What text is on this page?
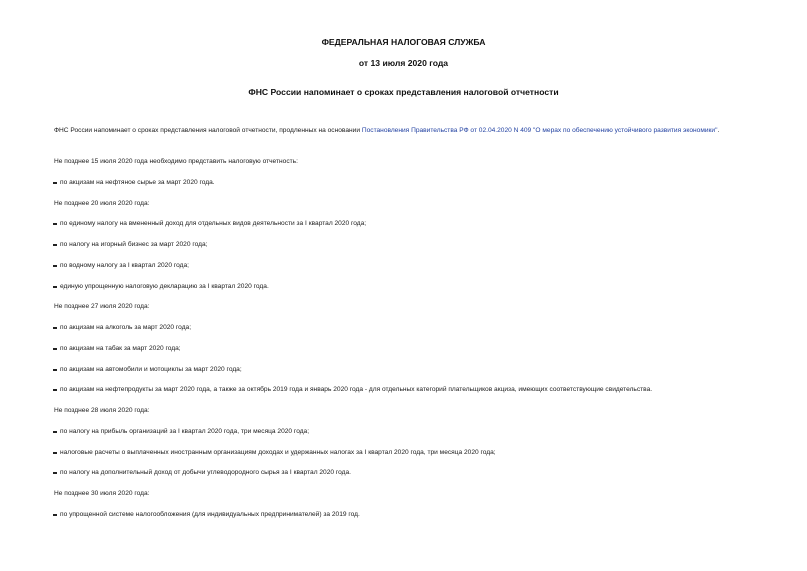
ФЕДЕРАЛЬНАЯ НАЛОГОВАЯ СЛУЖБА
от 13 июля 2020 года
ФНС России напоминает о сроках представления налоговой отчетности
ФНС России напоминает о сроках представления налоговой отчетности, продленных на основании Постановления Правительства РФ от 02.04.2020 N 409 "О мерах по обеспечению устойчивого развития экономики".
Не позднее 15 июля 2020 года необходимо представить налоговую отчетность:
по акцизам на нефтяное сырье за март 2020 года.
Не позднее 20 июля 2020 года:
по единому налогу на вмененный доход для отдельных видов деятельности за I квартал 2020 года;
по налогу на игорный бизнес за март 2020 года;
по водному налогу за I квартал 2020 года;
единую упрощенную налоговую декларацию за I квартал 2020 года.
Не позднее 27 июля 2020 года:
по акцизам на алкоголь за март 2020 года;
по акцизам на табак за март 2020 года;
по акцизам на автомобили и мотоциклы за март 2020 года;
по акцизам на нефтепродукты за март 2020 года, а также за октябрь 2019 года и январь 2020 года - для отдельных категорий плательщиков акциза, имеющих соответствующие свидетельства.
Не позднее 28 июля 2020 года:
по налогу на прибыль организаций за I квартал 2020 года, три месяца 2020 года;
налоговые расчеты о выплаченных иностранным организациям доходах и удержанных налогах за I квартал 2020 года, три месяца 2020 года;
по налогу на дополнительный доход от добычи углеводородного сырья за I квартал 2020 года.
Не позднее 30 июля 2020 года:
по упрощенной системе налогообложения (для индивидуальных предпринимателей) за 2019 год.
